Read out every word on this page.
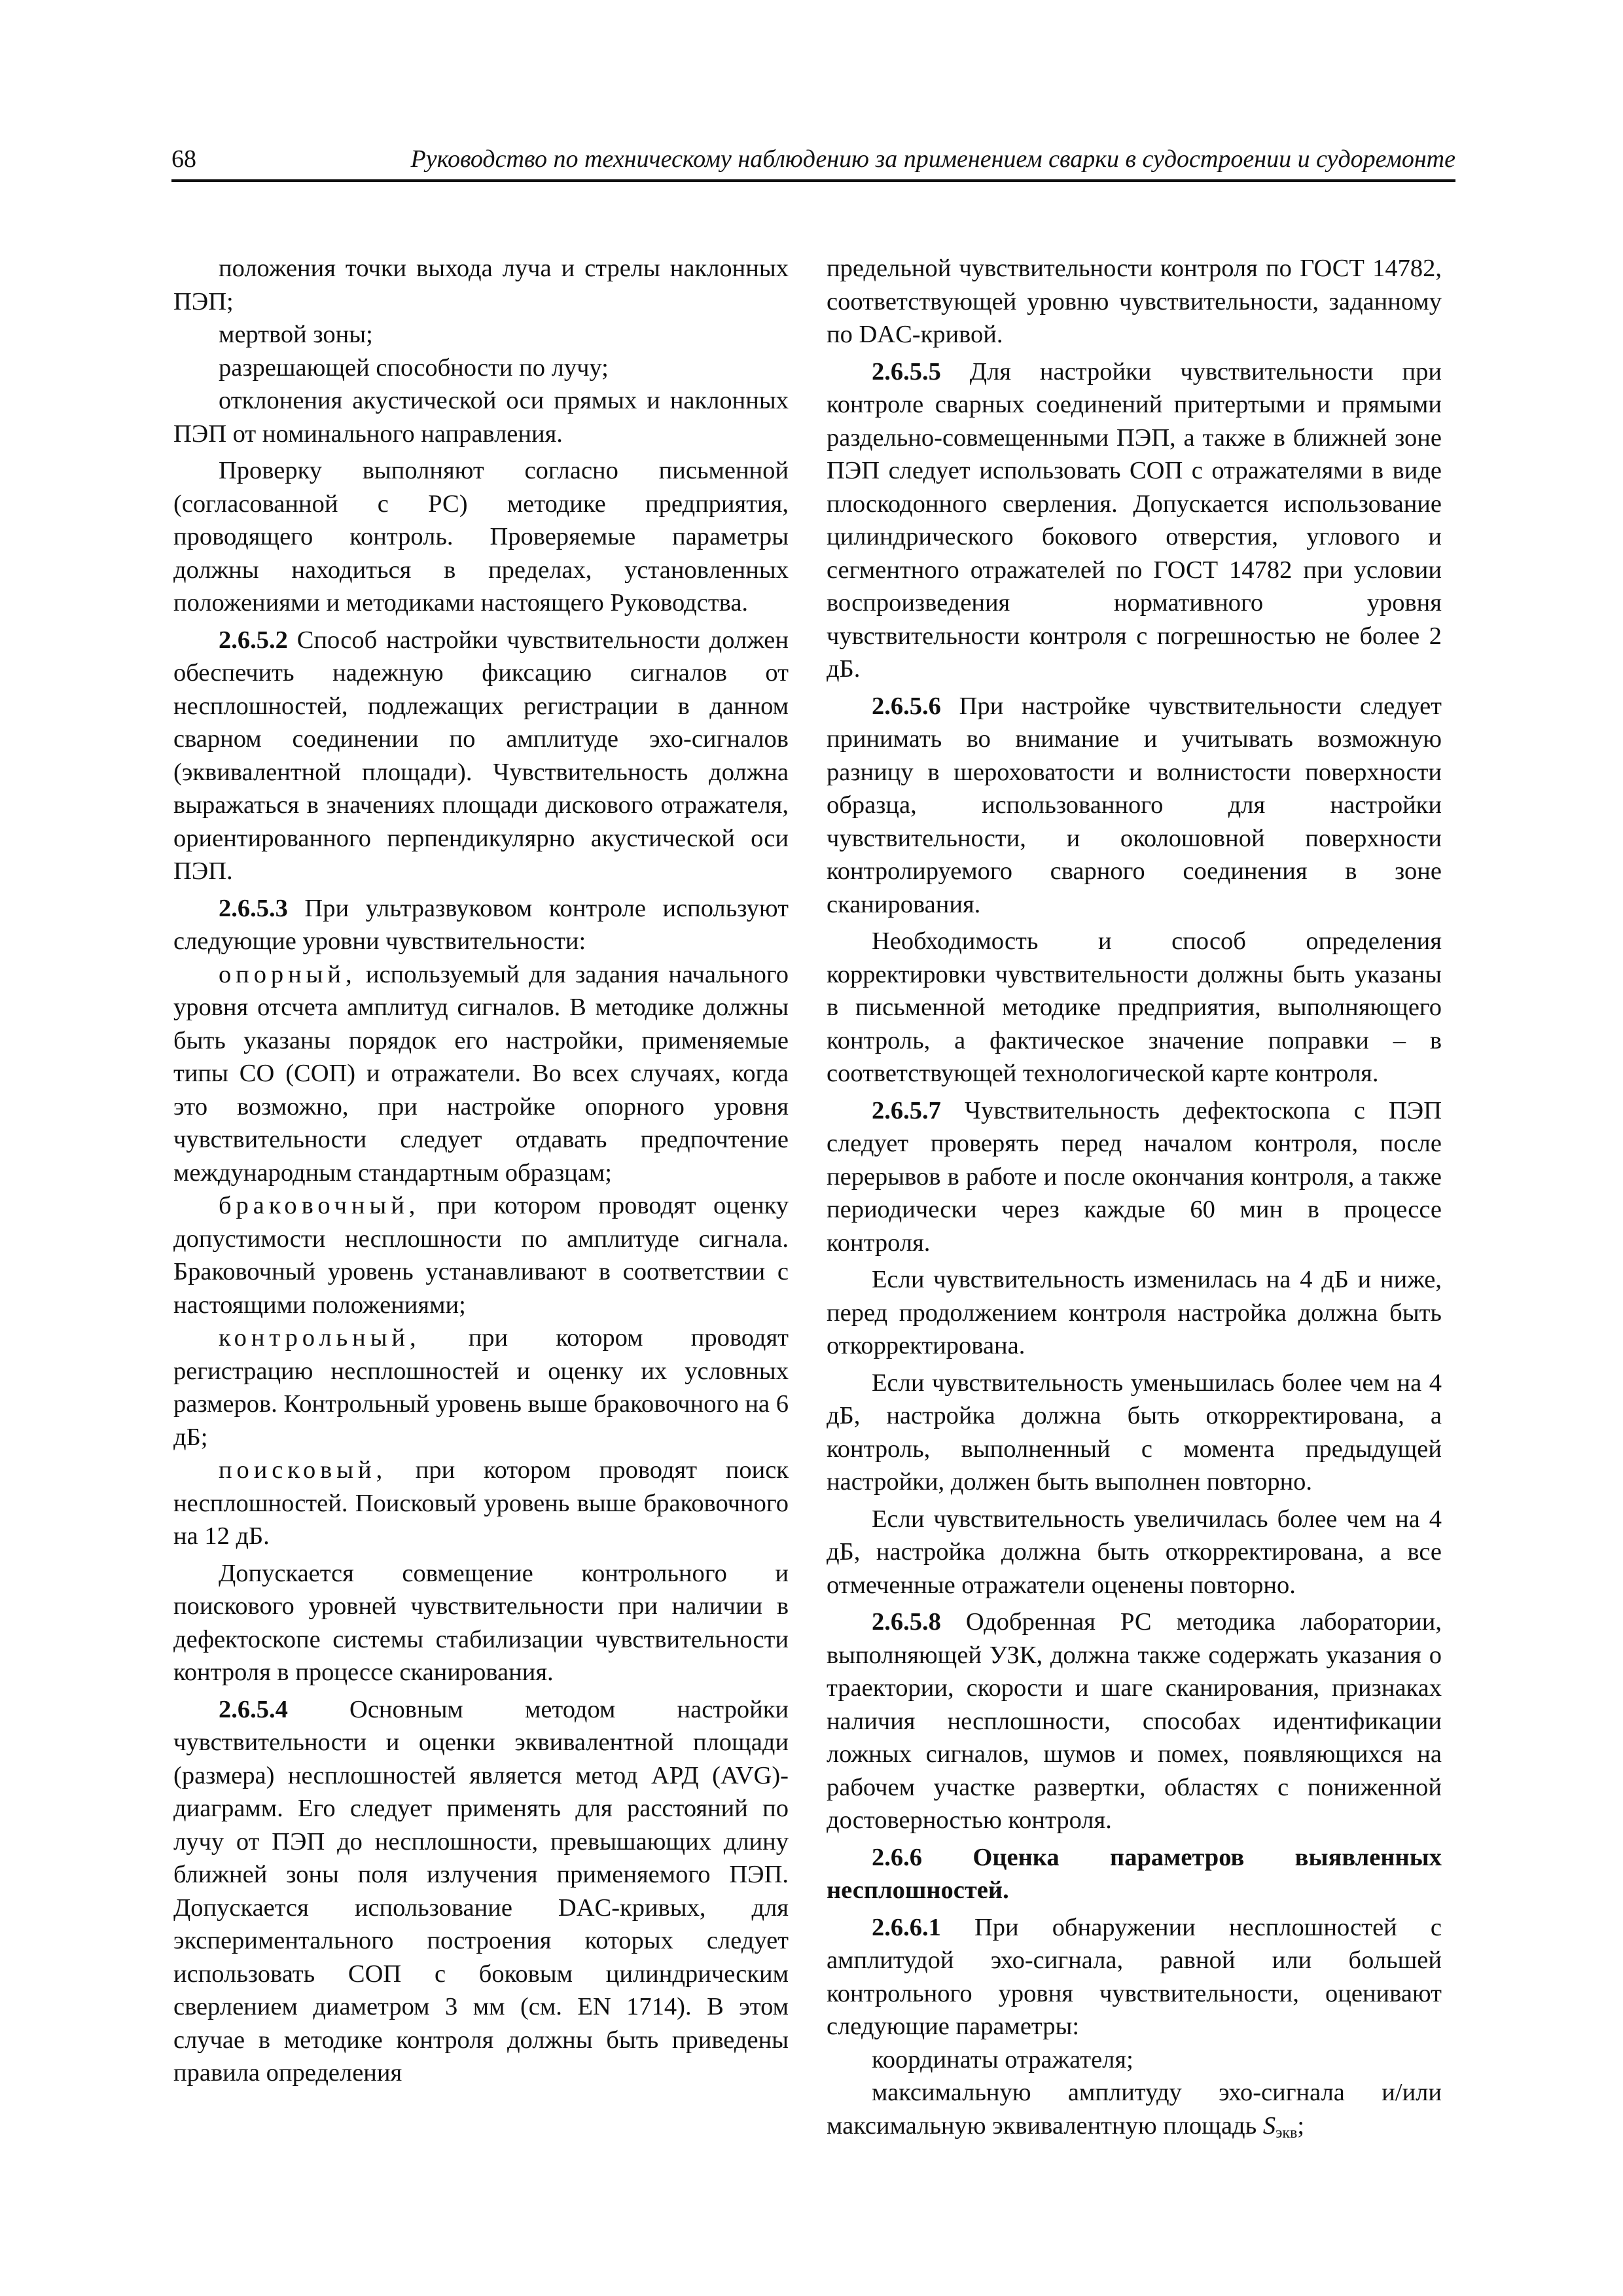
68	Руководство по техническому наблюдению за применением сварки в судостроении и судоремонте

положения точки выхода луча и стрелы наклонных ПЭП;

мертвой зоны;

разрешающей способности по лучу;

отклонения акустической оси прямых и наклонных ПЭП от номинального направления.

Проверку выполняют согласно письменной (согласованной с РС) методике предприятия, проводящего контроль. Проверяемые параметры должны находиться в пределах, установленных положениями и методиками настоящего Руководства.

2.6.5.2 Способ настройки чувствительности должен обеспечить надежную фиксацию сигналов от несплошностей, подлежащих регистрации в данном сварном соединении по амплитуде эхо-сигналов (эквивалентной площади). Чувствительность должна выражаться в значениях площади дискового отражателя, ориентированного перпендикулярно акустической оси ПЭП.

2.6.5.3 При ультразвуковом контроле используют следующие уровни чувствительности:

опорный, используемый для задания начального уровня отсчета амплитуд сигналов. В методике должны быть указаны порядок его настройки, применяемые типы СО (СОП) и отражатели. Во всех случаях, когда это возможно, при настройке опорного уровня чувствительности следует отдавать предпочтение международным стандартным образцам;

браковочный, при котором проводят оценку допустимости несплошности по амплитуде сигнала. Браковочный уровень устанавливают в соответствии с настоящими положениями;

контрольный, при котором проводят регистрацию несплошностей и оценку их условных размеров. Контрольный уровень выше браковочного на 6 дБ;

поисковый, при котором проводят поиск несплошностей. Поисковый уровень выше браковочного на 12 дБ.

Допускается совмещение контрольного и поискового уровней чувствительности при наличии в дефектоскопе системы стабилизации чувствительности контроля в процессе сканирования.

2.6.5.4 Основным методом настройки чувствительности и оценки эквивалентной площади (размера) несплошностей является метод АРД (AVG)-диаграмм. Его следует применять для расстояний по лучу от ПЭП до несплошности, превышающих длину ближней зоны поля излучения применяемого ПЭП. Допускается использование DAC-кривых, для экспериментального построения которых следует использовать СОП с боковым цилиндрическим сверлением диаметром 3 мм (см. EN 1714). В этом случае в методике контроля должны быть приведены правила определения

предельной чувствительности контроля по ГОСТ 14782, соответствующей уровню чувствительности, заданному по DAC-кривой.

2.6.5.5 Для настройки чувствительности при контроле сварных соединений притертыми и прямыми раздельно-совмещенными ПЭП, а также в ближней зоне ПЭП следует использовать СОП с отражателями в виде плоскодонного сверления. Допускается использование цилиндрического бокового отверстия, углового и сегментного отражателей по ГОСТ 14782 при условии воспроизведения нормативного уровня чувствительности контроля с погрешностью не более 2 дБ.

2.6.5.6 При настройке чувствительности следует принимать во внимание и учитывать возможную разницу в шероховатости и волнистости поверхности образца, использованного для настройки чувствительности, и околошовной поверхности контролируемого сварного соединения в зоне сканирования.

Необходимость и способ определения корректировки чувствительности должны быть указаны в письменной методике предприятия, выполняющего контроль, а фактическое значение поправки – в соответствующей технологической карте контроля.

2.6.5.7 Чувствительность дефектоскопа с ПЭП следует проверять перед началом контроля, после перерывов в работе и после окончания контроля, а также периодически через каждые 60 мин в процессе контроля.

Если чувствительность изменилась на 4 дБ и ниже, перед продолжением контроля настройка должна быть откорректирована.

Если чувствительность уменьшилась более чем на 4 дБ, настройка должна быть откорректирована, а контроль, выполненный с момента предыдущей настройки, должен быть выполнен повторно.

Если чувствительность увеличилась более чем на 4 дБ, настройка должна быть откорректирована, а все отмеченные отражатели оценены повторно.

2.6.5.8 Одобренная РС методика лаборатории, выполняющей УЗК, должна также содержать указания о траектории, скорости и шаге сканирования, признаках наличия несплошности, способах идентификации ложных сигналов, шумов и помех, появляющихся на рабочем участке развертки, областях с пониженной достоверностью контроля.

2.6.6 Оценка параметров выявленных несплошностей.

2.6.6.1 При обнаружении несплошностей с амплитудой эхо-сигнала, равной или большей контрольного уровня чувствительности, оценивают следующие параметры:

координаты отражателя;

максимальную амплитуду эхо-сигнала и/или максимальную эквивалентную площадь $S_{экв}$;
